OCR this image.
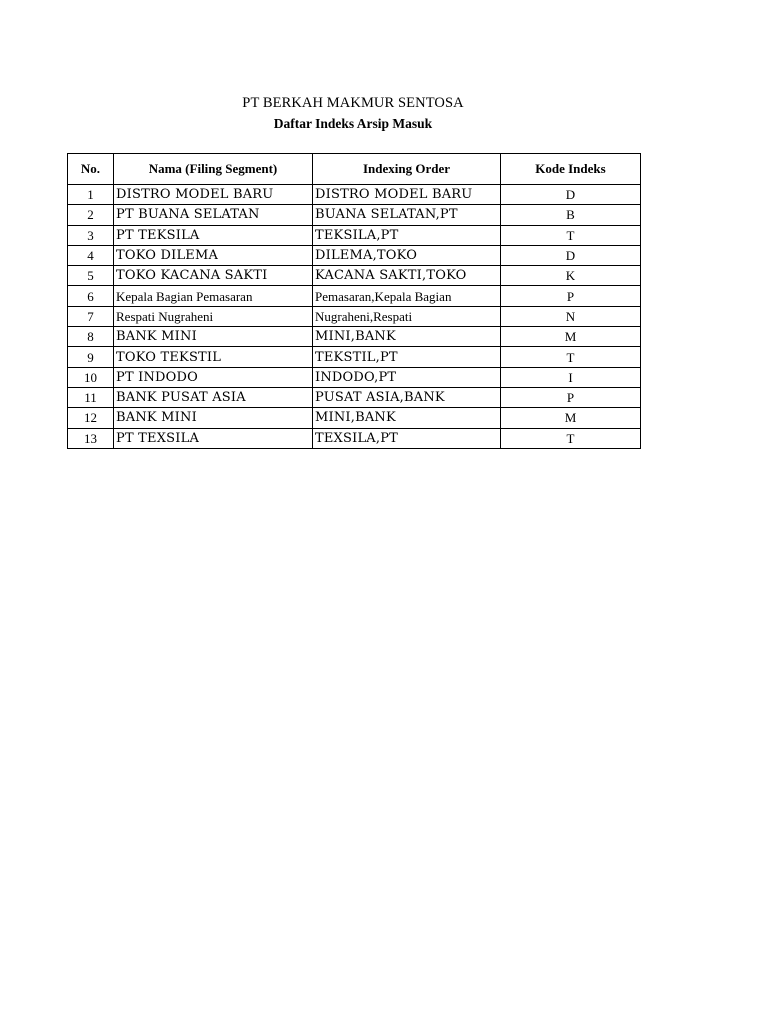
PT BERKAH MAKMUR SENTOSA
Daftar Indeks Arsip Masuk
No.	Nama (Filing Segment)	Indexing Order	Kode Indeks
1	DISTRO MODEL BARU	DISTRO MODEL BARU	D
2	PT BUANA SELATAN	BUANA SELATAN,PT	B
3	PT TEKSILA	TEKSILA,PT	T
4	TOKO DILEMA	DILEMA,TOKO	D
5	TOKO KACANA SAKTI	KACANA SAKTI,TOKO	K
6	Kepala Bagian Pemasaran	Pemasaran,Kepala Bagian	P
7	Respati Nugraheni	Nugraheni,Respati	N
8	BANK MINI	MINI,BANK	M
9	TOKO TEKSTIL	TEKSTIL,PT	T
10	PT INDODO	INDODO,PT	I
11	BANK PUSAT ASIA	PUSAT ASIA,BANK	P
12	BANK MINI	MINI,BANK	M
13	PT TEXSILA	TEXSILA,PT	T
